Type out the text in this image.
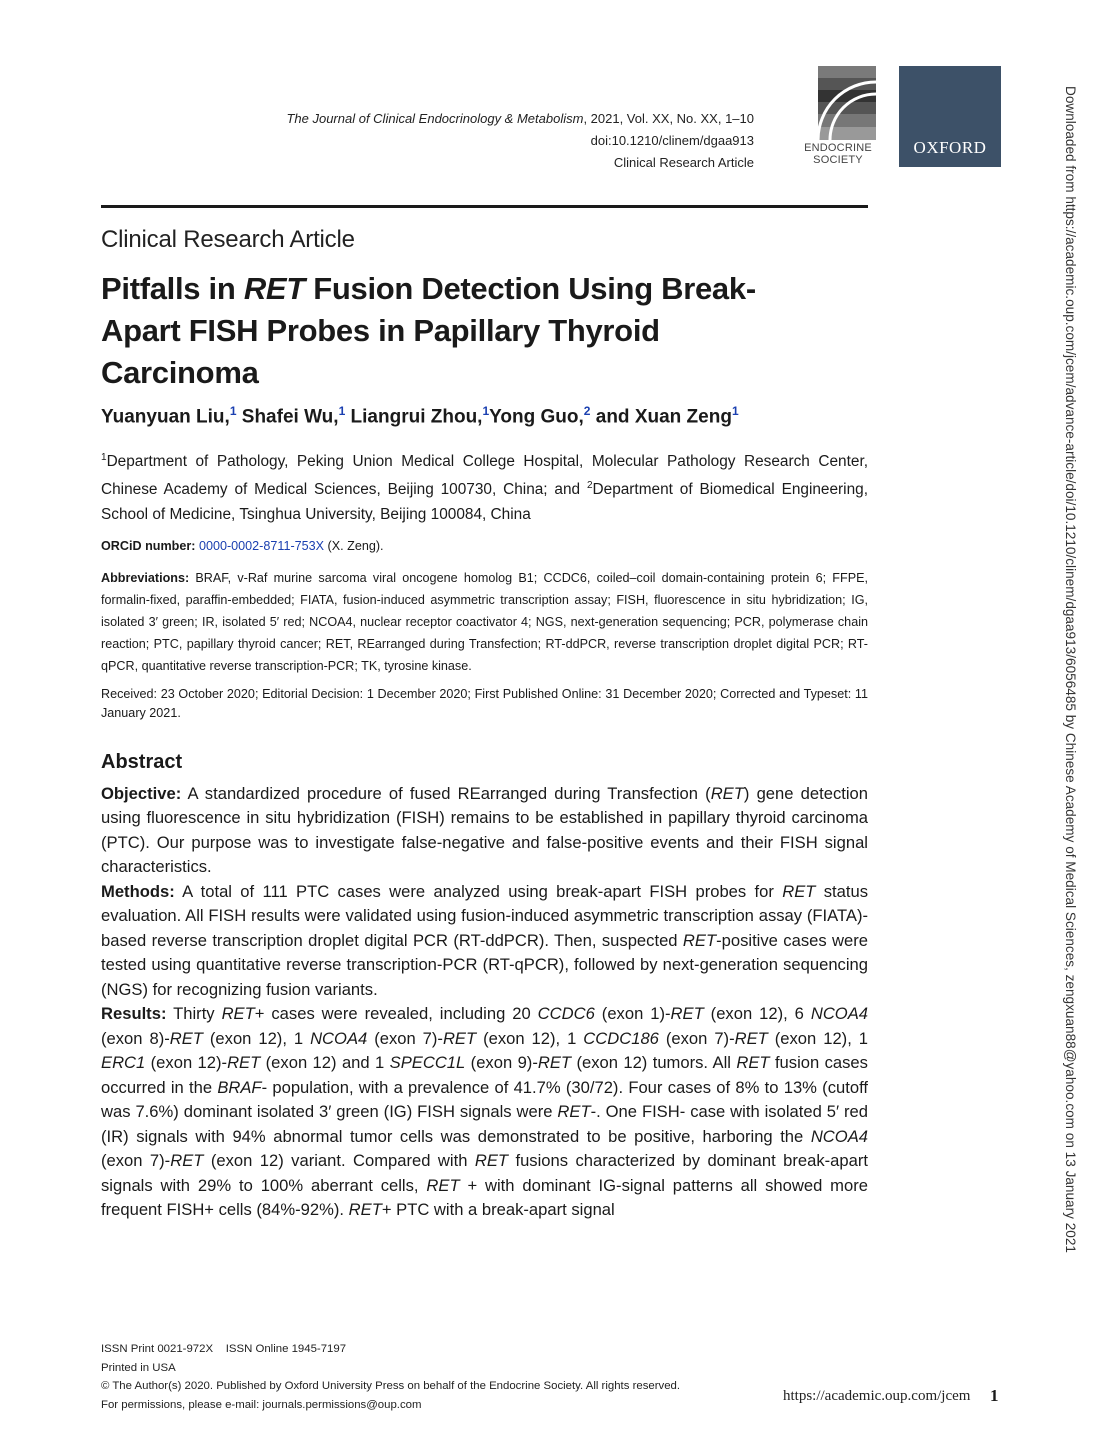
The Journal of Clinical Endocrinology & Metabolism, 2021, Vol. XX, No. XX, 1–10
doi:10.1210/clinem/dgaa913
Clinical Research Article
ENDOCRINE
SOCIETY
OXFORD	Downloaded from https://academic.oup.com/jcem/advance-article/doi/10.1210/clinem/dgaa913/6056485 by Chinese Academy of Medical Sciences, zengxuan88@yahoo.com on 13 January 2021
Clinical Research Article
Pitfalls in RET Fusion Detection Using Break-Apart FISH Probes in Papillary Thyroid Carcinoma
Yuanyuan Liu,$^1$ Shafei Wu,$^1$ Liangrui Zhou,$^1$Yong Guo,$^2$ and Xuan Zeng$^1$

$^1$Department of Pathology, Peking Union Medical College Hospital, Molecular Pathology Research Center, Chinese Academy of Medical Sciences, Beijing 100730, China; and $^2$Department of Biomedical Engineering, School of Medicine, Tsinghua University, Beijing 100084, China

ORCiD number: 0000-0002-8711-753X (X. Zeng).

Abbreviations: BRAF, v-Raf murine sarcoma viral oncogene homolog B1; CCDC6, coiled–coil domain-containing protein 6; FFPE, formalin-fixed, paraffin-embedded; FIATA, fusion-induced asymmetric transcription assay; FISH, fluorescence in situ hybridization; IG, isolated 3′ green; IR, isolated 5′ red; NCOA4, nuclear receptor coactivator 4; NGS, next-generation sequencing; PCR, polymerase chain reaction; PTC, papillary thyroid cancer; RET, REarranged during Transfection; RT-ddPCR, reverse transcription droplet digital PCR; RT-qPCR, quantitative reverse transcription-PCR; TK, tyrosine kinase.

Received: 23 October 2020; Editorial Decision: 1 December 2020; First Published Online: 31 December 2020; Corrected and Typeset: 11 January 2021.

Abstract

Objective: A standardized procedure of fused REarranged during Transfection (RET) gene detection using fluorescence in situ hybridization (FISH) remains to be established in papillary thyroid carcinoma (PTC). Our purpose was to investigate false-negative and false-positive events and their FISH signal characteristics.

Methods: A total of 111 PTC cases were analyzed using break-apart FISH probes for RET status evaluation. All FISH results were validated using fusion-induced asymmetric transcription assay (FIATA)-based reverse transcription droplet digital PCR (RT-ddPCR). Then, suspected RET-positive cases were tested using quantitative reverse transcription-PCR (RT-qPCR), followed by next-generation sequencing (NGS) for recognizing fusion variants.

Results: Thirty RET+ cases were revealed, including 20 CCDC6 (exon 1)-RET (exon 12), 6 NCOA4 (exon 8)-RET (exon 12), 1 NCOA4 (exon 7)-RET (exon 12), 1 CCDC186 (exon 7)-RET (exon 12), 1 ERC1 (exon 12)-RET (exon 12) and 1 SPECC1L (exon 9)-RET (exon 12) tumors. All RET fusion cases occurred in the BRAF- population, with a prevalence of 41.7% (30/72). Four cases of 8% to 13% (cutoff was 7.6%) dominant isolated 3′ green (IG) FISH signals were RET-. One FISH- case with isolated 5′ red (IR) signals with 94% abnormal tumor cells was demonstrated to be positive, harboring the NCOA4 (exon 7)-RET (exon 12) variant. Compared with RET fusions characterized by dominant break-apart signals with 29% to 100% aberrant cells, RET + with dominant IG-signal patterns all showed more frequent FISH+ cells (84%-92%). RET+ PTC with a break-apart signal

ISSN Print 0021-972X    ISSN Online 1945-7197
Printed in USA
© The Author(s) 2020. Published by Oxford University Press on behalf of the Endocrine Society. All rights reserved.
For permissions, please e-mail: journals.permissions@oup.com
https://academic.oup.com/jcem 1
